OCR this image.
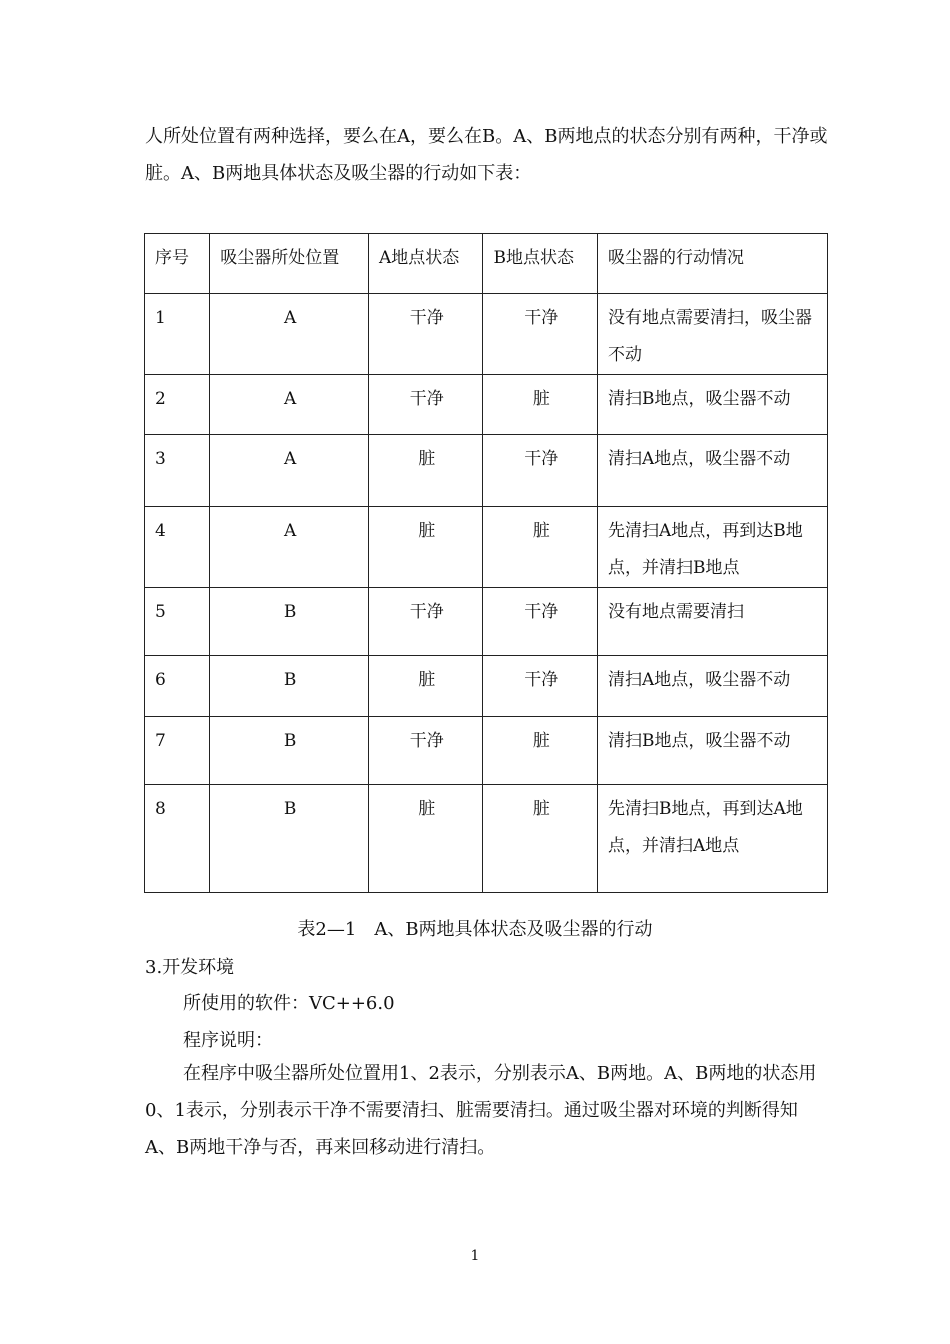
人所处位置有两种选择，要么在A，要么在B。A、B两地点的状态分别有两种，干净或脏。A、B两地具体状态及吸尘器的行动如下表：
序号	吸尘器所处位置	A地点状态	B地点状态	吸尘器的行动情况
1	A	干净	干净	没有地点需要清扫，吸尘器不动
2	A	干净	脏	清扫B地点，吸尘器不动
3	A	脏	干净	清扫A地点，吸尘器不动
4	A	脏	脏	先清扫A地点，再到达B地点，并清扫B地点
5	B	干净	干净	没有地点需要清扫
6	B	脏	干净	清扫A地点，吸尘器不动
7	B	干净	脏	清扫B地点，吸尘器不动
8	B	脏	脏	先清扫B地点，再到达A地点，并清扫A地点
表2—1　A、B两地具体状态及吸尘器的行动
3.开发环境
所使用的软件：VC++6.0
程序说明：
在程序中吸尘器所处位置用1、2表示，分别表示A、B两地。A、B两地的状态用0、1表示，分别表示干净不需要清扫、脏需要清扫。通过吸尘器对环境的判断得知A、B两地干净与否，再来回移动进行清扫。
1
